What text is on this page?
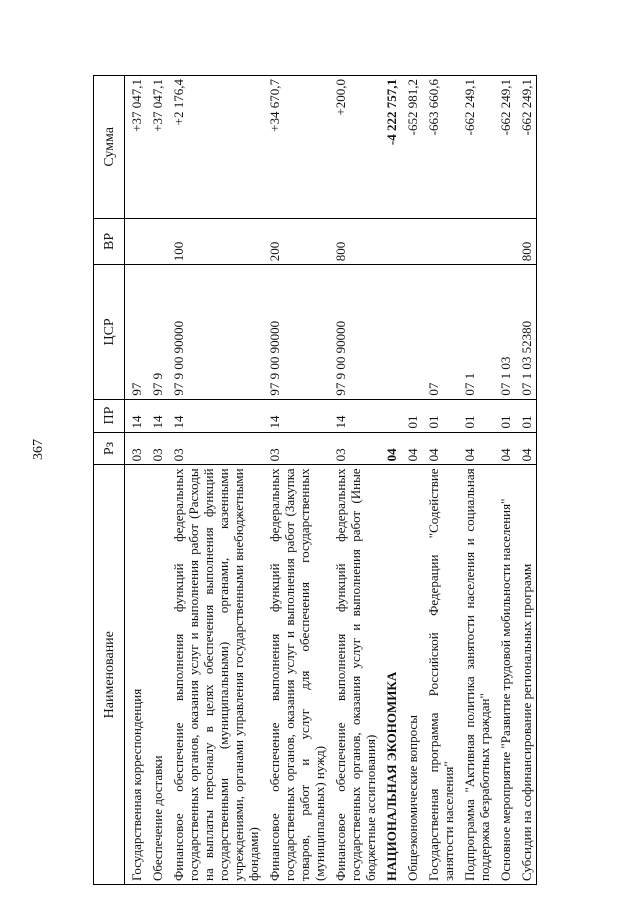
367
Наименование	Рз	ПР	ЦСР	ВР	Сумма
Государственная корреспонденция	03	14	97		+37 047,1
Обеспечение доставки	03	14	97 9		+37 047,1
Финансовое обеспечение выполнения функций федеральных государственных органов, оказания услуг и выполнения работ (Расходы на выплаты персоналу в целях обеспечения выполнения функций государственными (муниципальными) органами, казенными учреждениями, органами управления государственными внебюджетными фондами)	03	14	97 9 00 90000	100	+2 176,4
Финансовое обеспечение выполнения функций федеральных государственных органов, оказания услуг и выполнения работ (Закупка товаров, работ и услуг для обеспечения государственных (муниципальных) нужд)	03	14	97 9 00 90000	200	+34 670,7
Финансовое обеспечение выполнения функций федеральных государственных органов, оказания услуг и выполнения работ (Иные бюджетные ассигнования)	03	14	97 9 00 90000	800	+200,0
НАЦИОНАЛЬНАЯ ЭКОНОМИКА	04				-4 222 757,1
Общеэкономические вопросы	04	01			-652 981,2
Государственная программа Российской Федерации "Содействие занятости населения"	04	01	07		-663 660,6
Подпрограмма "Активная политика занятости населения и социальная поддержка безработных граждан"	04	01	07 1		-662 249,1
Основное мероприятие "Развитие трудовой мобильности населения"	04	01	07 1 03		-662 249,1
Субсидии на софинансирование региональных программ	04	01	07 1 03 52380	800	-662 249,1
